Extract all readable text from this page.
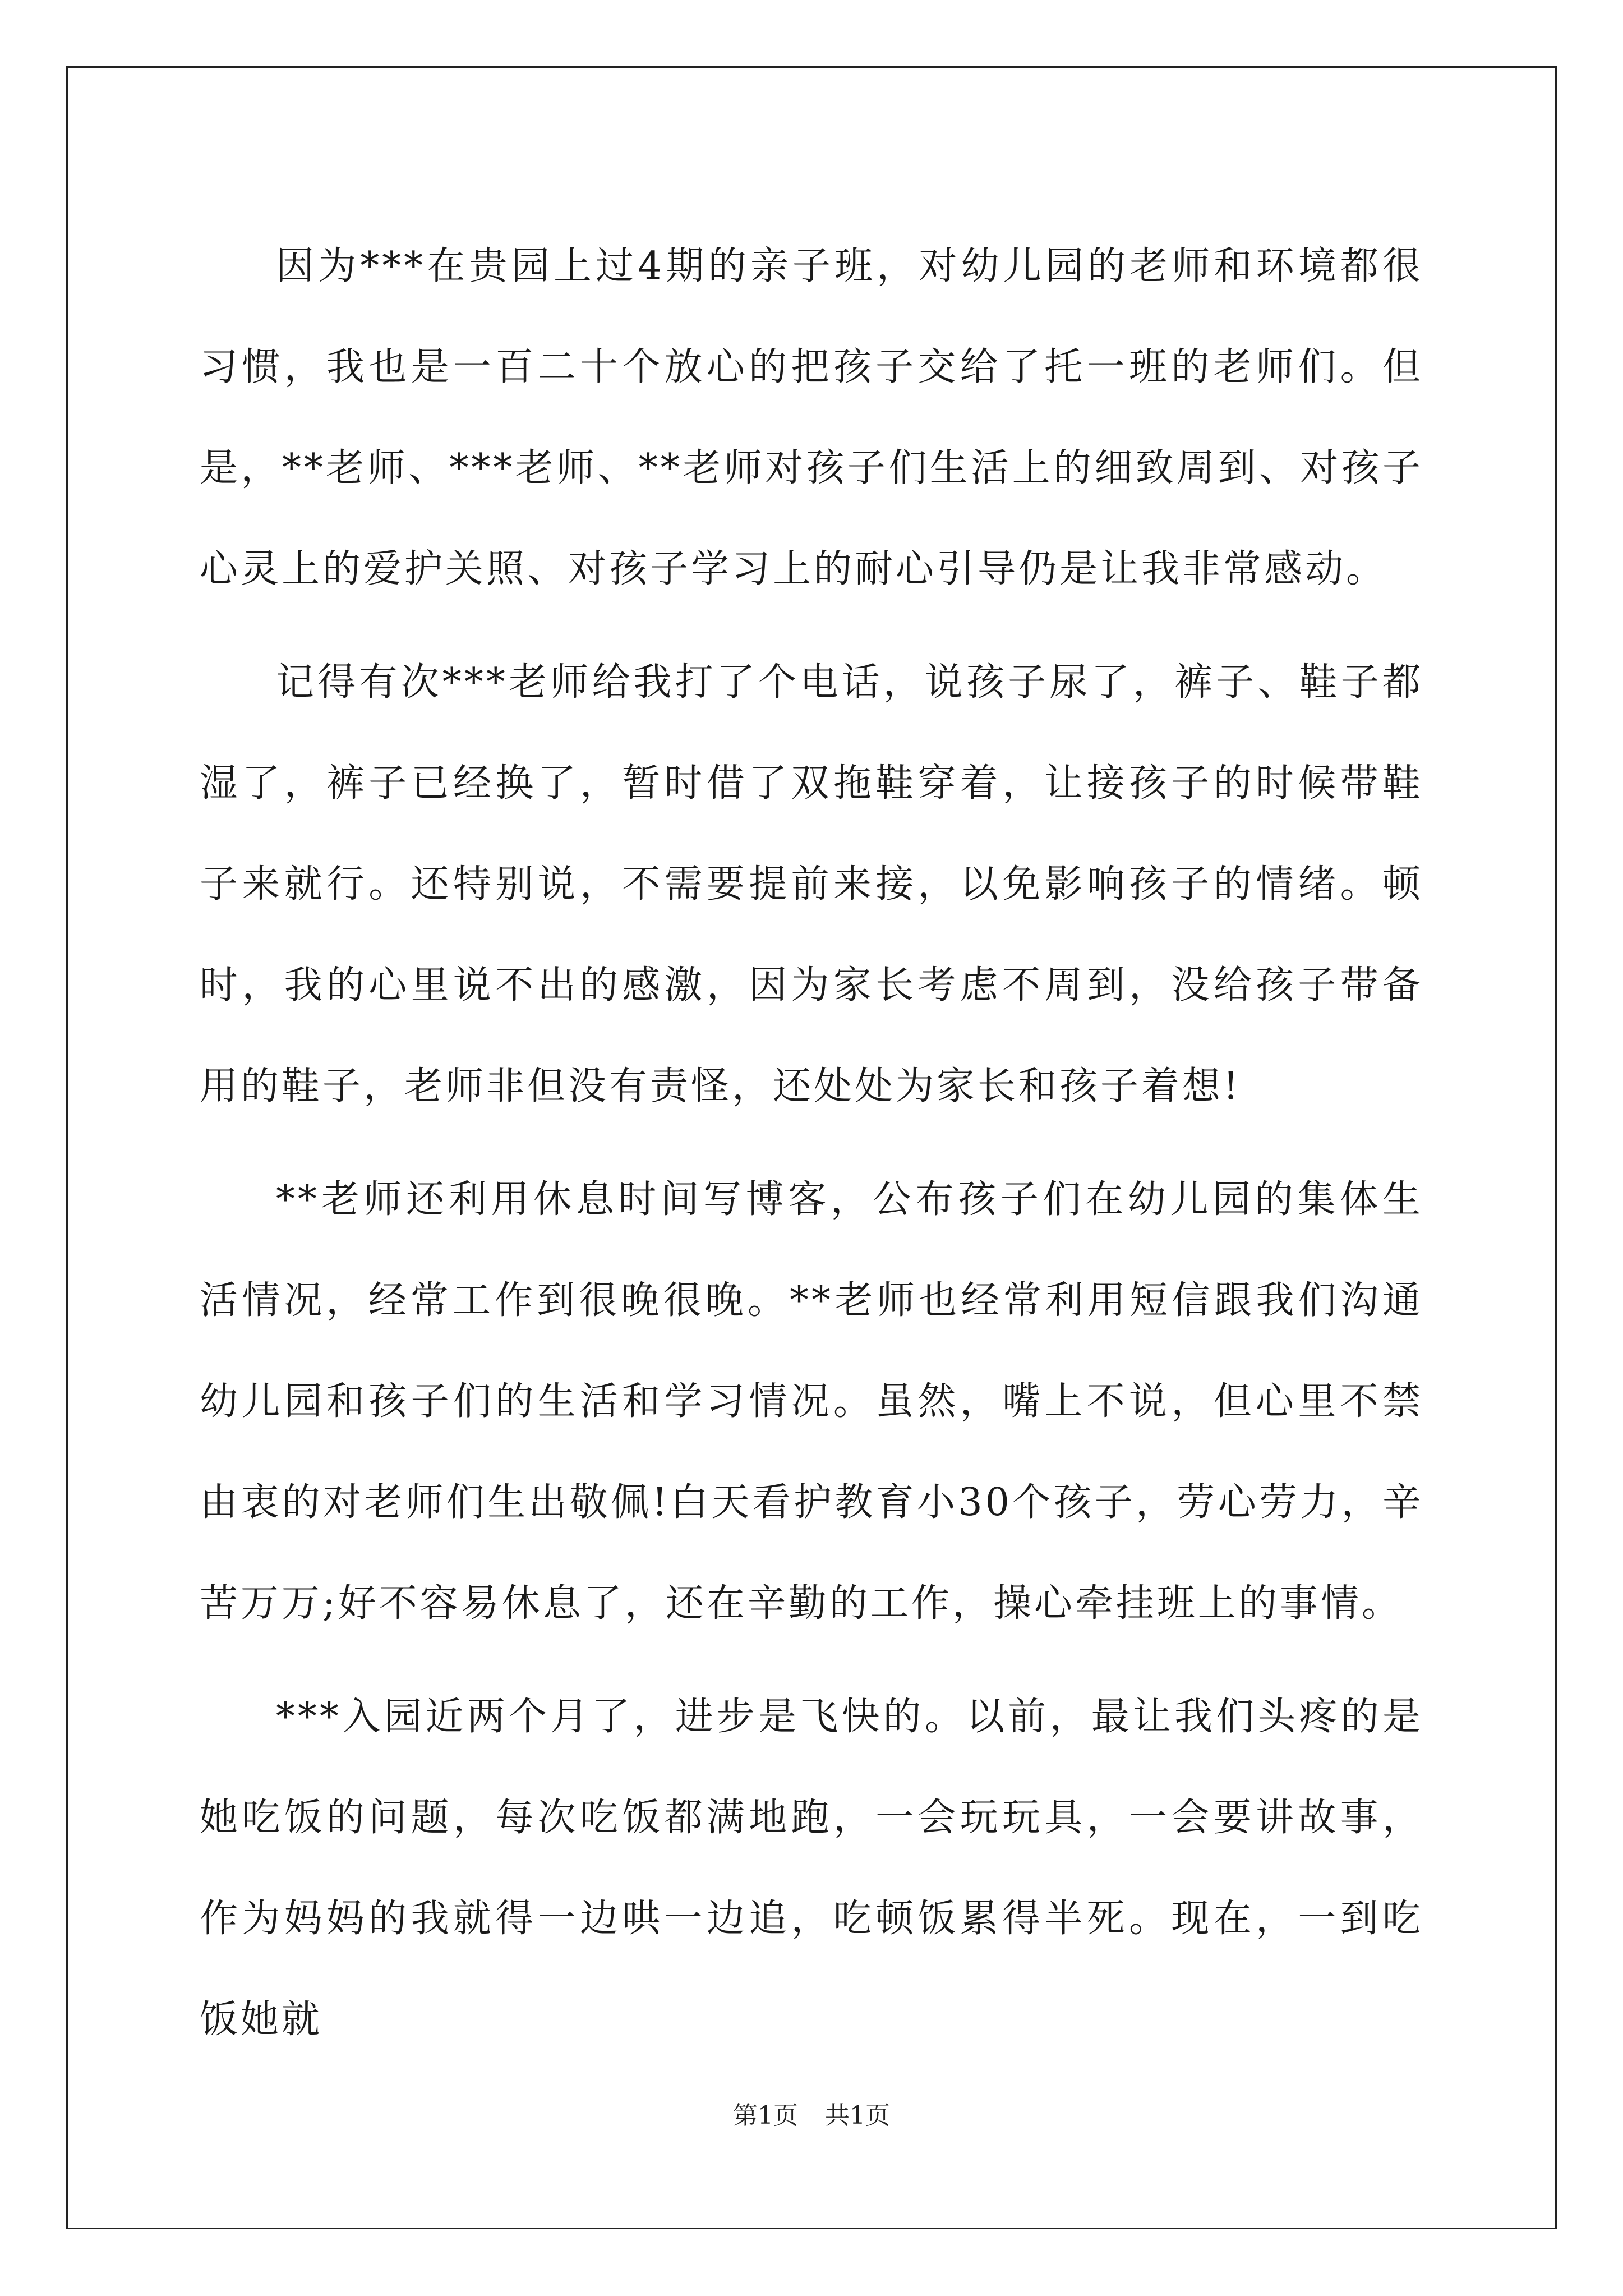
因为***在贵园上过4期的亲子班，对幼儿园的老师和环境都很习惯，我也是一百二十个放心的把孩子交给了托一班的老师们。但是，**老师、***老师、**老师对孩子们生活上的细致周到、对孩子心灵上的爱护关照、对孩子学习上的耐心引导仍是让我非常感动。

记得有次***老师给我打了个电话，说孩子尿了，裤子、鞋子都湿了，裤子已经换了，暂时借了双拖鞋穿着，让接孩子的时候带鞋子来就行。还特别说，不需要提前来接，以免影响孩子的情绪。顿时，我的心里说不出的感激，因为家长考虑不周到，没给孩子带备用的鞋子，老师非但没有责怪，还处处为家长和孩子着想!

**老师还利用休息时间写博客，公布孩子们在幼儿园的集体生活情况，经常工作到很晚很晚。**老师也经常利用短信跟我们沟通幼儿园和孩子们的生活和学习情况。虽然，嘴上不说，但心里不禁由衷的对老师们生出敬佩!白天看护教育小30个孩子，劳心劳力，辛苦万万;好不容易休息了，还在辛勤的工作，操心牵挂班上的事情。

***入园近两个月了，进步是飞快的。以前，最让我们头疼的是她吃饭的问题，每次吃饭都满地跑，一会玩玩具，一会要讲故事，作为妈妈的我就得一边哄一边追，吃顿饭累得半死。现在，一到吃饭她就

第1页 共1页
